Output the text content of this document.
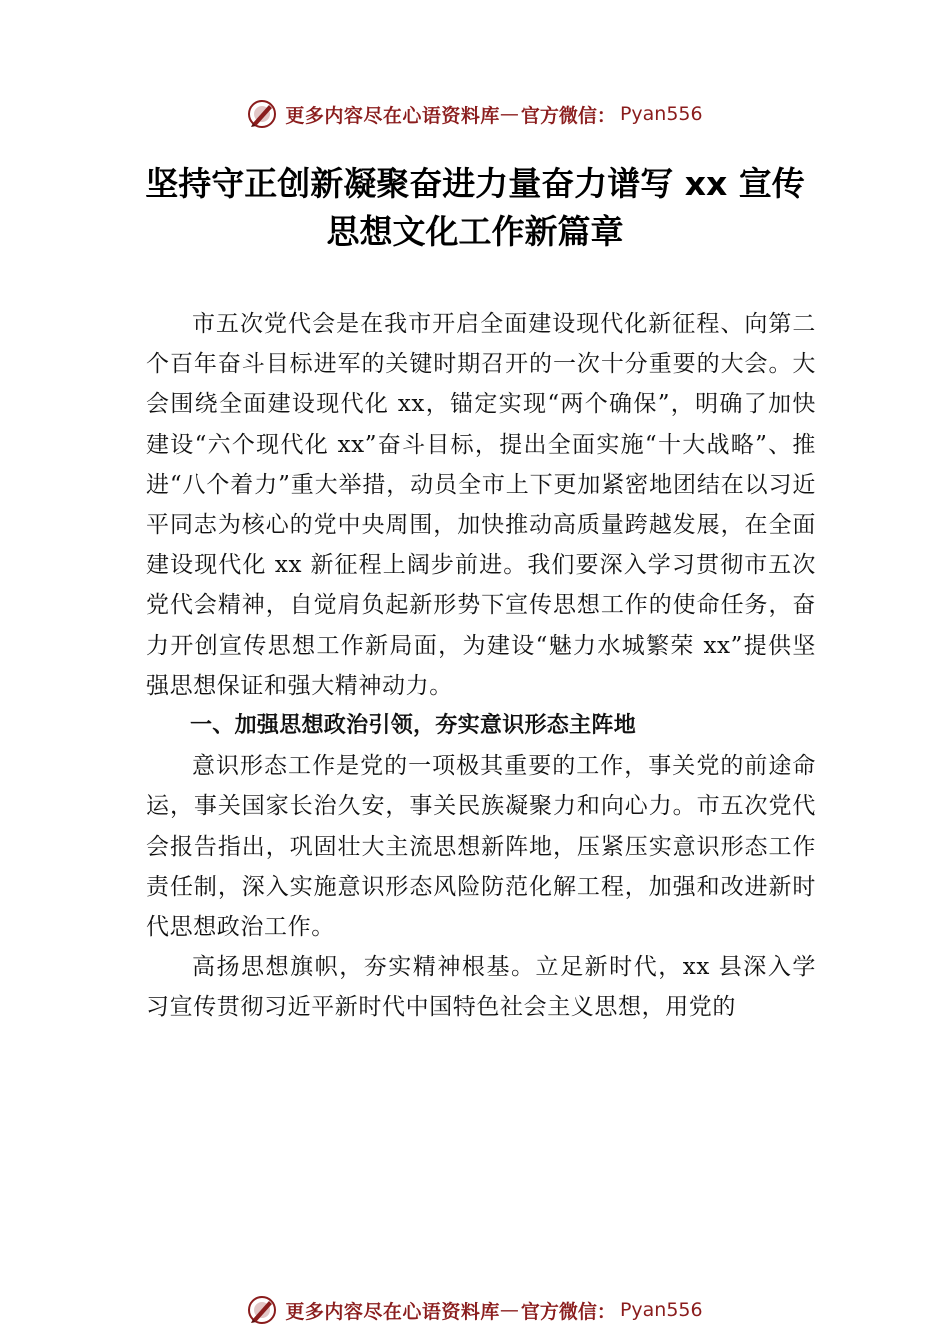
更多内容尽在心语资料库 — 官方微信： Pyan556
坚持守正创新凝聚奋进力量奋力谱写 xx 宣传思想文化工作新篇章

市五次党代会是在我市开启全面建设现代化新征程、向第二个百年奋斗目标进军的关键时期召开的一次十分重要的大会。大会围绕全面建设现代化 xx，锚定实现“两个确保”，明确了加快建设“六个现代化 xx”奋斗目标，提出全面实施“十大战略”、推进“八个着力”重大举措，动员全市上下更加紧密地团结在以习近平同志为核心的党中央周围，加快推动高质量跨越发展，在全面建设现代化 xx 新征程上阔步前进。我们要深入学习贯彻市五次党代会精神，自觉肩负起新形势下宣传思想工作的使命任务，奋力开创宣传思想工作新局面，为建设“魅力水城繁荣 xx”提供坚强思想保证和强大精神动力。

一、加强思想政治引领，夯实意识形态主阵地

意识形态工作是党的一项极其重要的工作，事关党的前途命运，事关国家长治久安，事关民族凝聚力和向心力。市五次党代会报告指出，巩固壮大主流思想新阵地，压紧压实意识形态工作责任制，深入实施意识形态风险防范化解工程，加强和改进新时代思想政治工作。

高扬思想旗帜，夯实精神根基。立足新时代，xx 县深入学习宣传贯彻习近平新时代中国特色社会主义思想，用党的

更多内容尽在心语资料库 — 官方微信： Pyan556
